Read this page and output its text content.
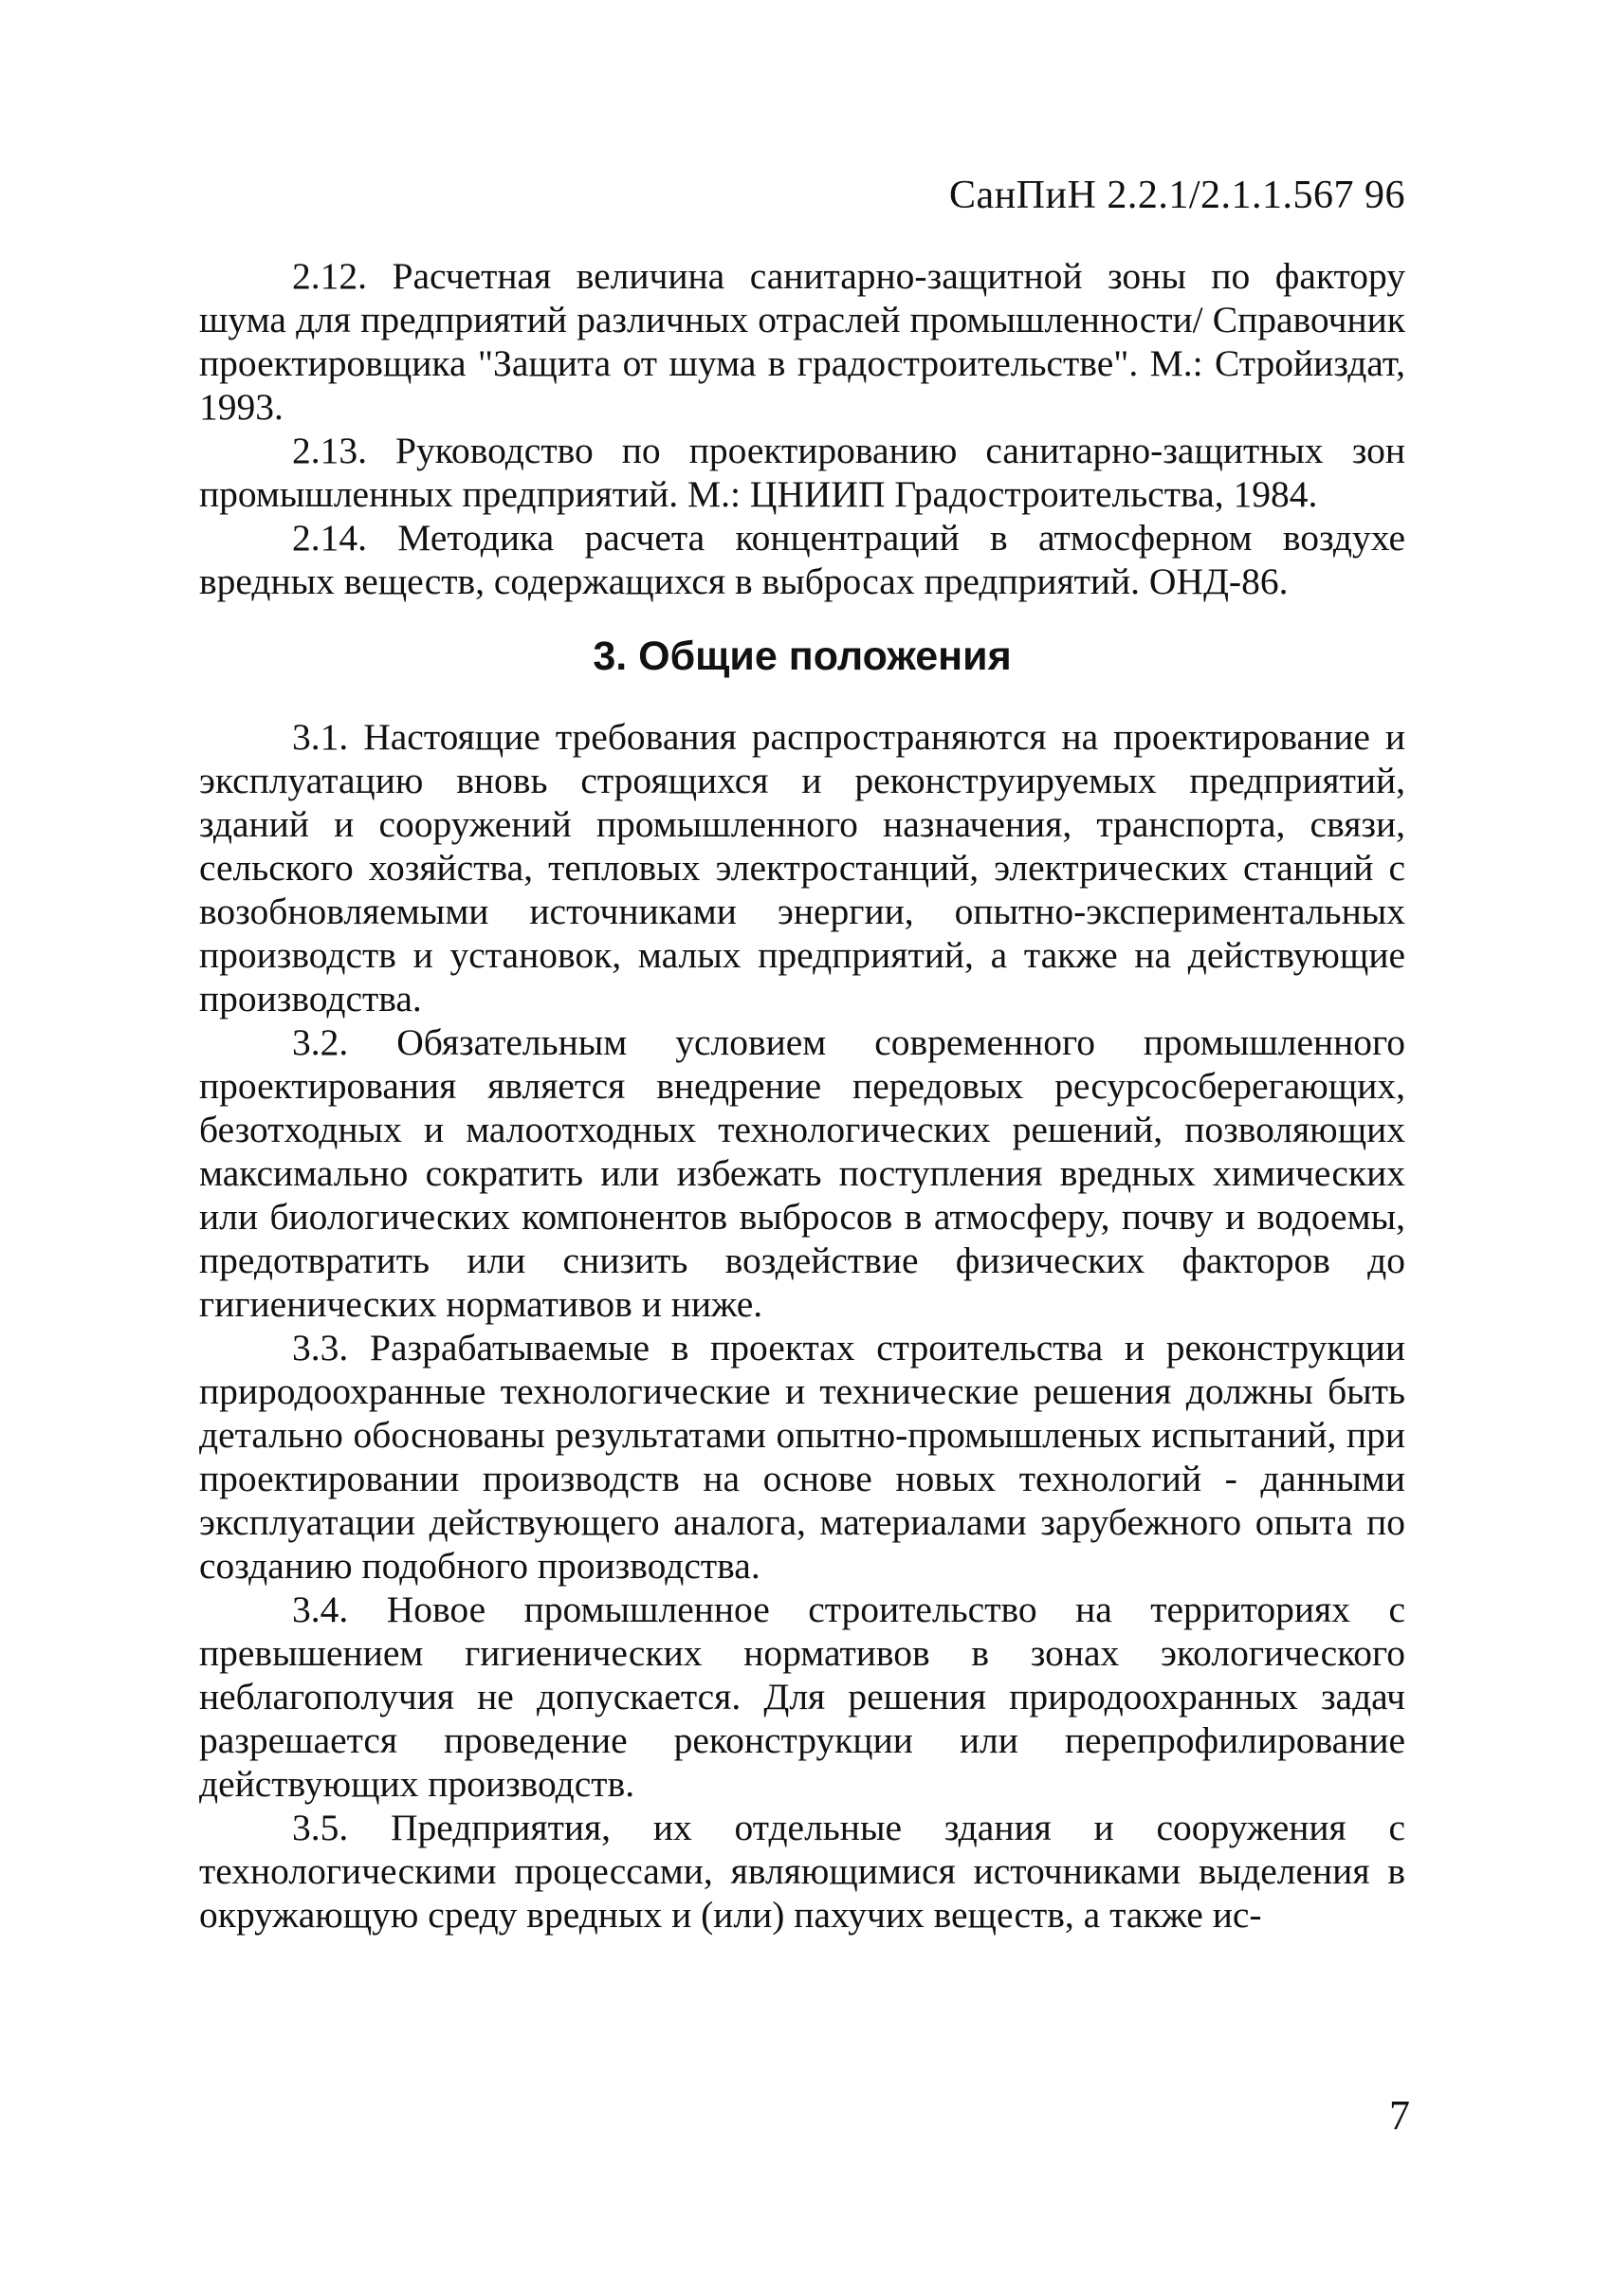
СанПиН 2.2.1/2.1.1.567 96

2.12. Расчетная величина санитарно-защитной зоны по фактору шума для предприятий различных отраслей промышленности/ Справочник проектировщика "Защита от шума в градостроительстве". М.: Стройиздат, 1993.

2.13. Руководство по проектированию санитарно-защитных зон промышленных предприятий. М.: ЦНИИП Градостроительства, 1984.

2.14. Методика расчета концентраций в атмосферном воздухе вредных веществ, содержащихся в выбросах предприятий. ОНД-86.

3. Общие положения

3.1. Настоящие требования распространяются на проектирование и эксплуатацию вновь строящихся и реконструируемых предприятий, зданий и сооружений промышленного назначения, транспорта, связи, сельского хозяйства, тепловых электростанций, электрических станций с возобновляемыми источниками энергии, опытно-экспериментальных производств и установок, малых предприятий, а также на действующие производства.

3.2. Обязательным условием современного промышленного проектирования является внедрение передовых ресурсосберегающих, безотходных и малоотходных технологических решений, позволяющих максимально сократить или избежать поступления вредных химических или биологических компонентов выбросов в атмосферу, почву и водоемы, предотвратить или снизить воздействие физических факторов до гигиенических нормативов и ниже.

3.3. Разрабатываемые в проектах строительства и реконструкции природоохранные технологические и технические решения должны быть детально обоснованы результатами опытно-промышленых испытаний, при проектировании производств на основе новых технологий - данными эксплуатации действующего аналога, материалами зарубежного опыта по созданию подобного производства.

3.4. Новое промышленное строительство на территориях с превышением гигиенических нормативов в зонах экологического неблагополучия не допускается. Для решения природоохранных задач разрешается проведение реконструкции или перепрофилирование действующих производств.

3.5. Предприятия, их отдельные здания и сооружения с технологическими процессами, являющимися источниками выделения в окружающую среду вредных и (или) пахучих веществ, а также ис-

7
